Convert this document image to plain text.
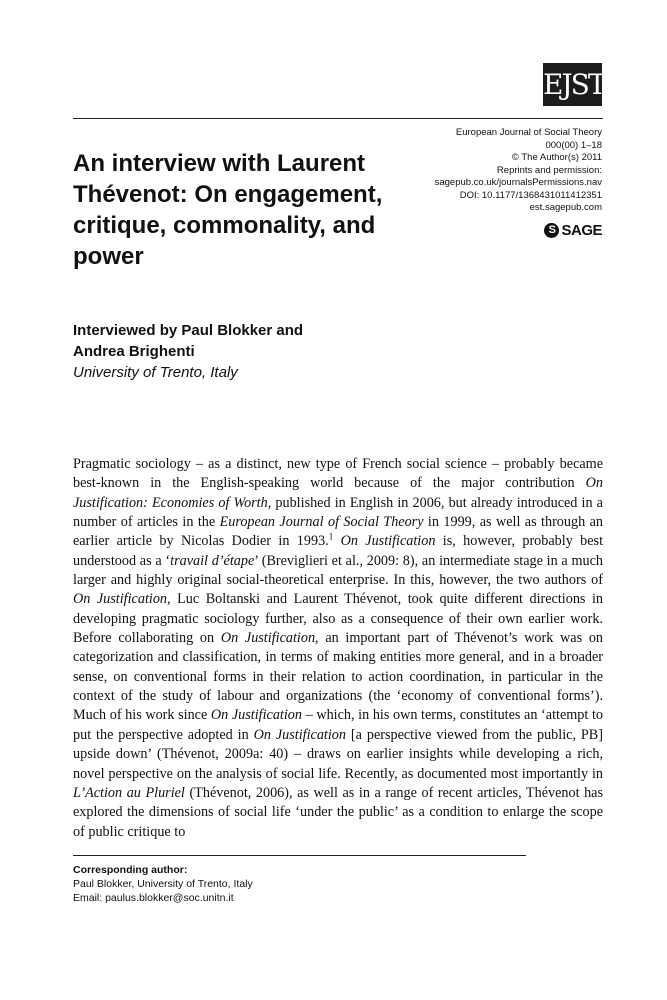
EJST
European Journal of Social Theory
000(00) 1–18
© The Author(s) 2011
Reprints and permission:
sagepub.co.uk/journalsPermissions.nav
DOI: 10.1177/1368431011412351
est.sagepub.com
S SAGE
An interview with Laurent Thévenot: On engagement, critique, commonality, and power
Interviewed by Paul Blokker and
Andrea Brighenti
University of Trento, Italy

Pragmatic sociology – as a distinct, new type of French social science – probably became best-known in the English-speaking world because of the major contribution On Justification: Economies of Worth, published in English in 2006, but already introduced in a number of articles in the European Journal of Social Theory in 1999, as well as through an earlier article by Nicolas Dodier in 1993.$^1$ On Justification is, however, probably best understood as a ‘travail d’étape’ (Breviglieri et al., 2009: 8), an intermediate stage in a much larger and highly original social-theoretical enterprise. In this, however, the two authors of On Justification, Luc Boltanski and Laurent Thévenot, took quite different directions in developing pragmatic sociology further, also as a consequence of their own earlier work. Before collaborating on On Justification, an important part of Thévenot’s work was on categorization and classification, in terms of making entities more general, and in a broader sense, on conventional forms in their relation to action coordination, in particular in the context of the study of labour and organizations (the ‘economy of conventional forms’). Much of his work since On Justification – which, in his own terms, constitutes an ‘attempt to put the perspective adopted in On Justification [a perspective viewed from the public, PB] upside down’ (Thévenot, 2009a: 40) – draws on earlier insights while developing a rich, novel perspective on the analysis of social life. Recently, as documented most importantly in L’Action au Pluriel (Thévenot, 2006), as well as in a range of recent articles, Thévenot has explored the dimensions of social life ‘under the public’ as a condition to enlarge the scope of public critique to

Corresponding author:
Paul Blokker, University of Trento, Italy
Email: paulus.blokker@soc.unitn.it
